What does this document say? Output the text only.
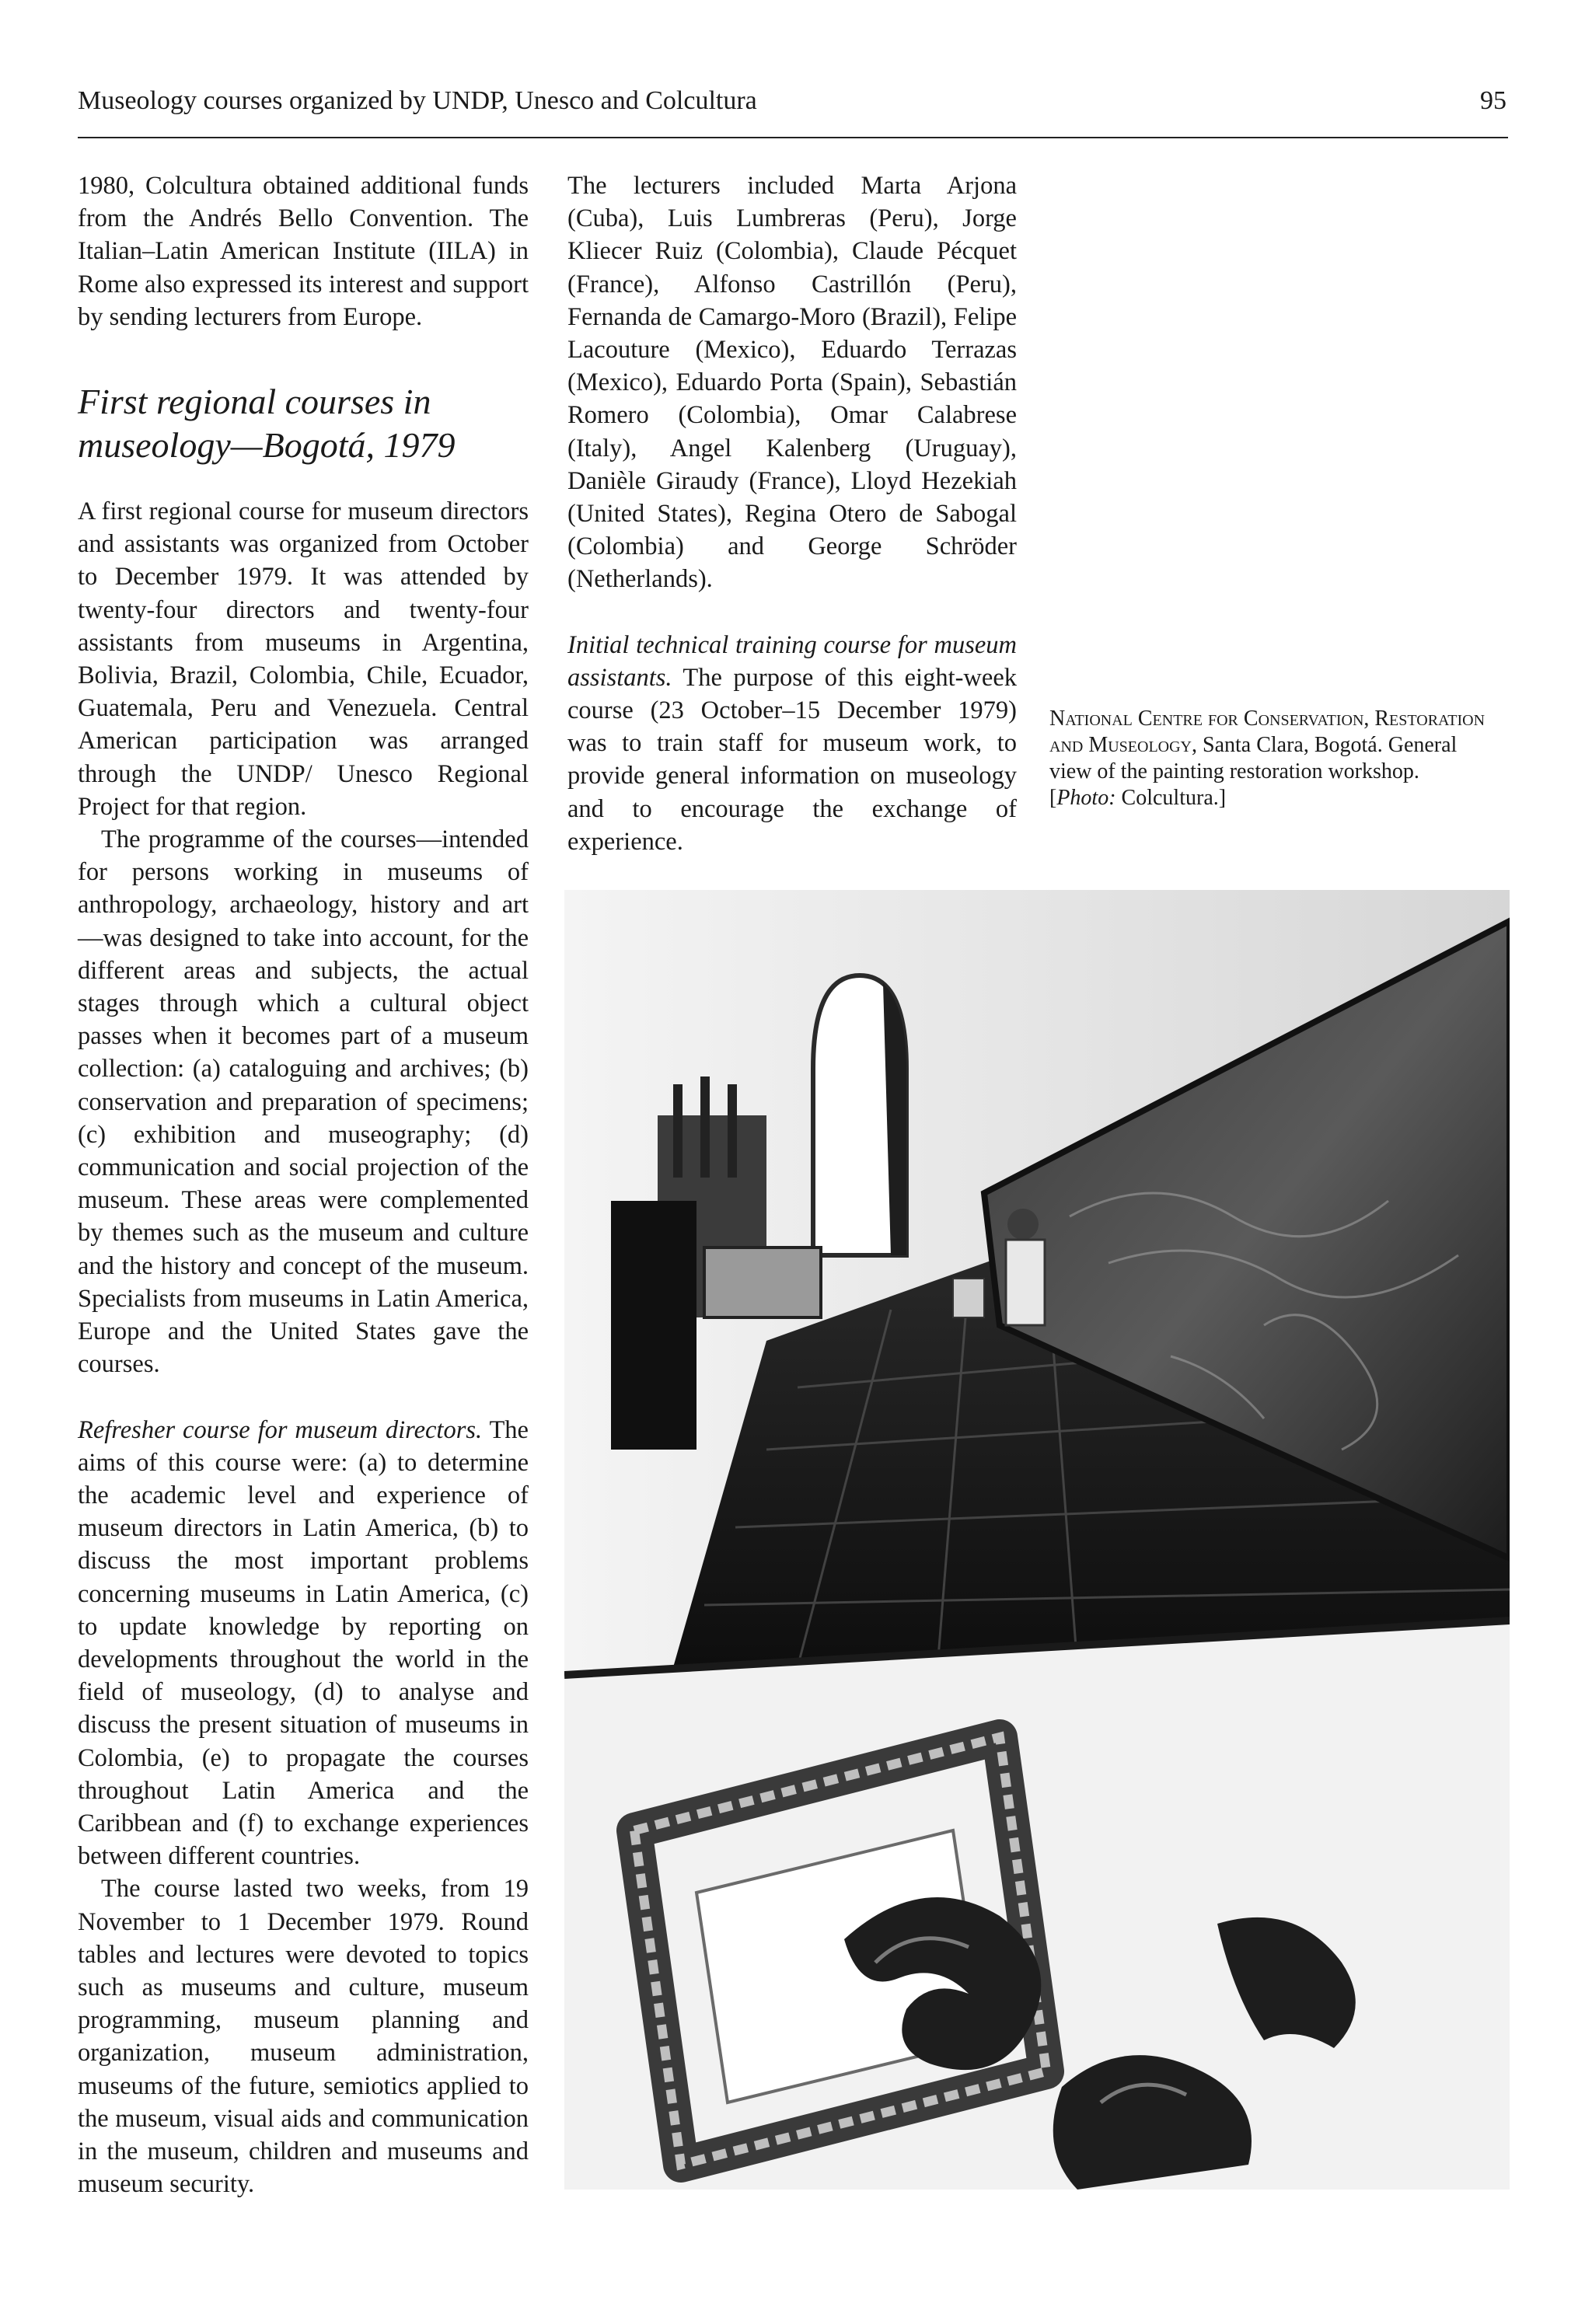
Museology courses organized by UNDP, Unesco and Colcultura	95

1980, Colcultura obtained additional funds from the Andrés Bello Convention. The Italian–Latin American Institute (IILA) in Rome also expressed its interest and support by sending lecturers from Europe.

First regional courses in museology—Bogotá, 1979

A first regional course for museum directors and assistants was organized from October to December 1979. It was attended by twenty-four directors and twenty-four assistants from museums in Argentina, Bolivia, Brazil, Colombia, Chile, Ecuador, Guatemala, Peru and Venezuela. Central American participation was arranged through the UNDP/ Unesco Regional Project for that region.

The programme of the courses—intended for persons working in museums of anthropology, archaeology, history and art—was designed to take into account, for the different areas and subjects, the actual stages through which a cultural object passes when it becomes part of a museum collection: (a) cataloguing and archives; (b) conservation and preparation of specimens; (c) exhibition and museography; (d) communication and social projection of the museum. These areas were complemented by themes such as the museum and culture and the history and concept of the museum. Specialists from museums in Latin America, Europe and the United States gave the courses.

Refresher course for museum directors. The aims of this course were: (a) to determine the academic level and experience of museum directors in Latin America, (b) to discuss the most important problems concerning museums in Latin America, (c) to update knowledge by reporting on developments throughout the world in the field of museology, (d) to analyse and discuss the present situation of museums in Colombia, (e) to propagate the courses throughout Latin America and the Caribbean and (f) to exchange experiences between different countries.

The course lasted two weeks, from 19 November to 1 December 1979. Round tables and lectures were devoted to topics such as museums and culture, museum programming, museum planning and organization, museum administration, museums of the future, semiotics applied to the museum, visual aids and communication in the museum, children and museums and museum security.

The lecturers included Marta Arjona (Cuba), Luis Lumbreras (Peru), Jorge Kliecer Ruiz (Colombia), Claude Pécquet (France), Alfonso Castrillón (Peru), Fernanda de Camargo-Moro (Brazil), Felipe Lacouture (Mexico), Eduardo Terrazas (Mexico), Eduardo Porta (Spain), Sebastián Romero (Colombia), Omar Calabrese (Italy), Angel Kalenberg (Uruguay), Danièle Giraudy (France), Lloyd Hezekiah (United States), Regina Otero de Sabogal (Colombia) and George Schröder (Netherlands).

Initial technical training course for museum assistants. The purpose of this eight-week course (23 October–15 December 1979) was to train staff for museum work, to provide general information on museology and to encourage the exchange of experience.

National Centre for Conservation, Restoration and Museology, Santa Clara, Bogotá. General view of the painting restoration workshop.
[Photo: Colcultura.]
